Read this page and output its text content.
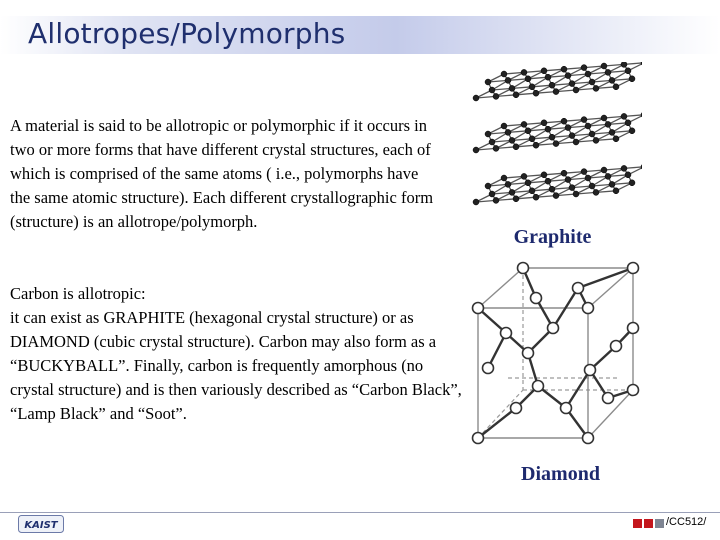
Allotropes/Polymorphs

A material is said to be allotropic or polymorphic if it occurs in two or more forms that have different crystal structures, each of which is comprised of the same atoms ( i.e., polymorphs have the same atomic structure). Each different crystallographic form (structure) is an allotrope/polymorph.

Carbon is allotropic:
it can exist as GRAPHITE (hexagonal crystal structure) or as DIAMOND (cubic crystal structure). Carbon may also form as a “BUCKYBALL”. Finally, carbon is frequently amorphous (no crystal structure) and is then variously described as “Carbon Black”, “Lamp Black” and “Soot”.

Graphite
Diamond
KAIST	/CC512/
